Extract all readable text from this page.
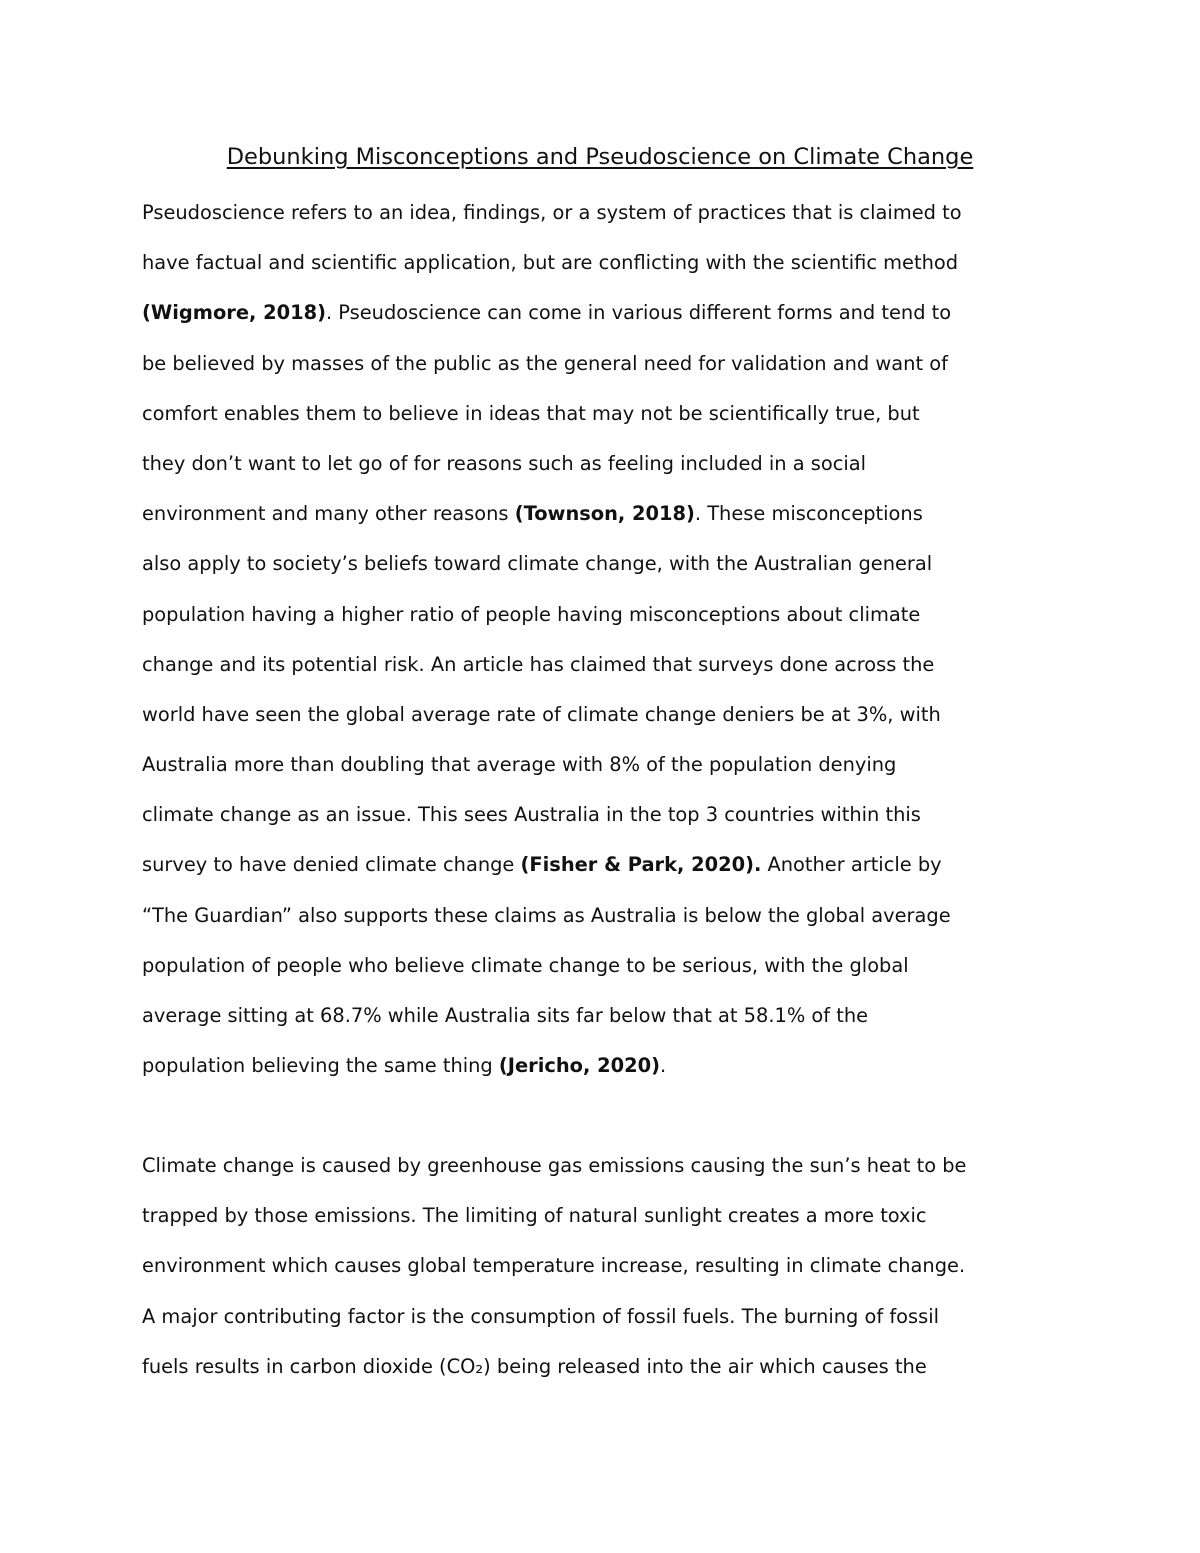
Debunking Misconceptions and Pseudoscience on Climate Change
Pseudoscience refers to an idea, findings, or a system of practices that is claimed to
have factual and scientific application, but are conflicting with the scientific method
(Wigmore, 2018). Pseudoscience can come in various different forms and tend to
be believed by masses of the public as the general need for validation and want of
comfort enables them to believe in ideas that may not be scientifically true, but
they don’t want to let go of for reasons such as feeling included in a social
environment and many other reasons (Townson, 2018). These misconceptions
also apply to society’s beliefs toward climate change, with the Australian general
population having a higher ratio of people having misconceptions about climate
change and its potential risk. An article has claimed that surveys done across the
world have seen the global average rate of climate change deniers be at 3%, with
Australia more than doubling that average with 8% of the population denying
climate change as an issue. This sees Australia in the top 3 countries within this
survey to have denied climate change (Fisher & Park, 2020). Another article by
“The Guardian” also supports these claims as Australia is below the global average
population of people who believe climate change to be serious, with the global
average sitting at 68.7% while Australia sits far below that at 58.1% of the
population believing the same thing (Jericho, 2020).
Climate change is caused by greenhouse gas emissions causing the sun’s heat to be
trapped by those emissions. The limiting of natural sunlight creates a more toxic
environment which causes global temperature increase, resulting in climate change.
A major contributing factor is the consumption of fossil fuels. The burning of fossil
fuels results in carbon dioxide (CO₂) being released into the air which causes the
